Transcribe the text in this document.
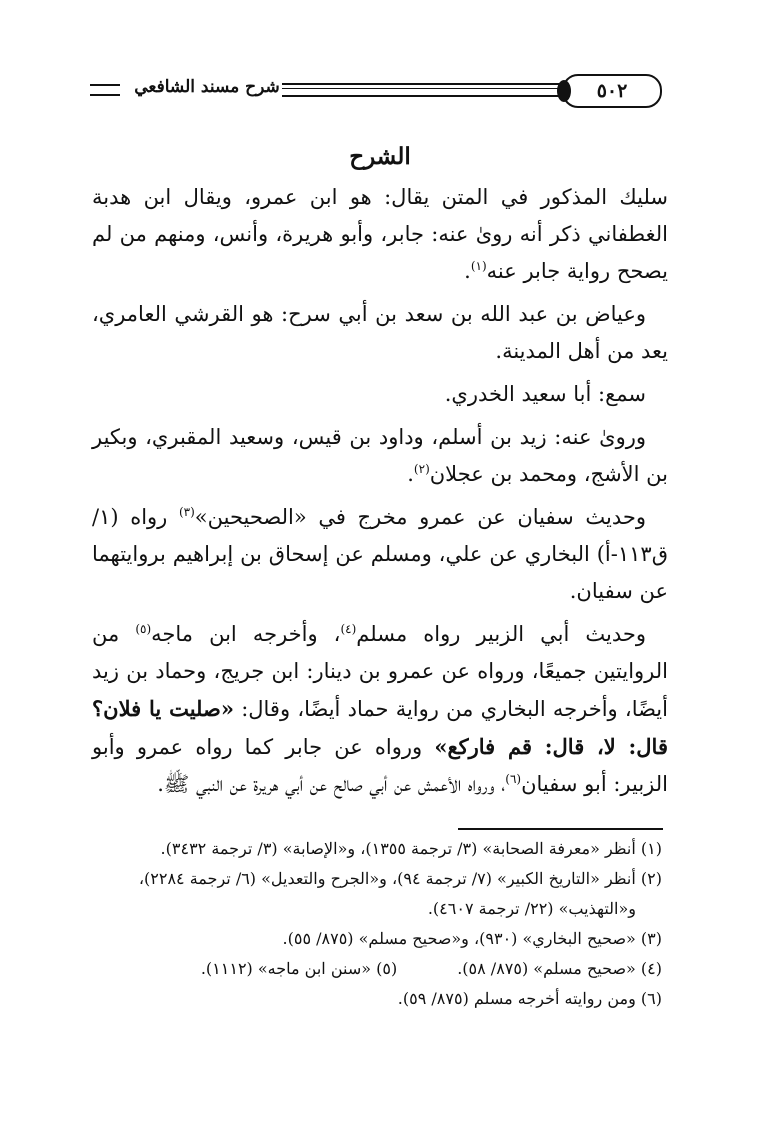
٥٠٢
شرح مسند الشافعي
الشرح

سليك المذكور في المتن يقال: هو ابن عمرو، ويقال ابن هدبة الغطفاني ذكر أنه روىٰ عنه: جابر، وأبو هريرة، وأنس، ومنهم من لم يصحح رواية جابر عنه$^{(١)}$.

وعياض بن عبد الله بن سعد بن أبي سرح: هو القرشي العامري، يعد من أهل المدينة.

سمع: أبا سعيد الخدري.

وروىٰ عنه: زيد بن أسلم، وداود بن قيس، وسعيد المقبري، وبكير بن الأشج، ومحمد بن عجلان$^{(٢)}$.

وحديث سفيان عن عمرو مخرج في «الصحيحين»$^{(٣)}$ رواه (١/ ق١١٣-أ) البخاري عن علي، ومسلم عن إسحاق بن إبراهيم بروايتهما عن سفيان.

وحديث أبي الزبير رواه مسلم$^{(٤)}$، وأخرجه ابن ماجه$^{(٥)}$ من الروايتين جميعًا، ورواه عن عمرو بن دينار: ابن جريج، وحماد بن زيد أيضًا، وأخرجه البخاري من رواية حماد أيضًا، وقال: «صليت يا فلان؟ قال: لا، قال: قم فاركع» ورواه عن جابر كما رواه عمرو وأبو الزبير: أبو سفيان$^{(٦)}$، ورواه الأعمش عن أبي صالح عن أبي هريرة عن النبي ﷺ.

(١) أنظر «معرفة الصحابة» (٣/ ترجمة ١٣٥٥)، و«الإصابة» (٣/ ترجمة ٣٤٣٢).

(٢) أنظر «التاريخ الكبير» (٧/ ترجمة ٩٤)، و«الجرح والتعديل» (٦/ ترجمة ٢٢٨٤)،

و«التهذيب» (٢٢/ ترجمة ٤٦٠٧).

(٣) «صحيح البخاري» (٩٣٠)، و«صحيح مسلم» (٨٧٥/ ٥٥).

(٤) «صحيح مسلم» (٨٧٥/ ٥٨).(٥) «سنن ابن ماجه» (١١١٢).

(٦) ومن روايته أخرجه مسلم (٨٧٥/ ٥٩).
